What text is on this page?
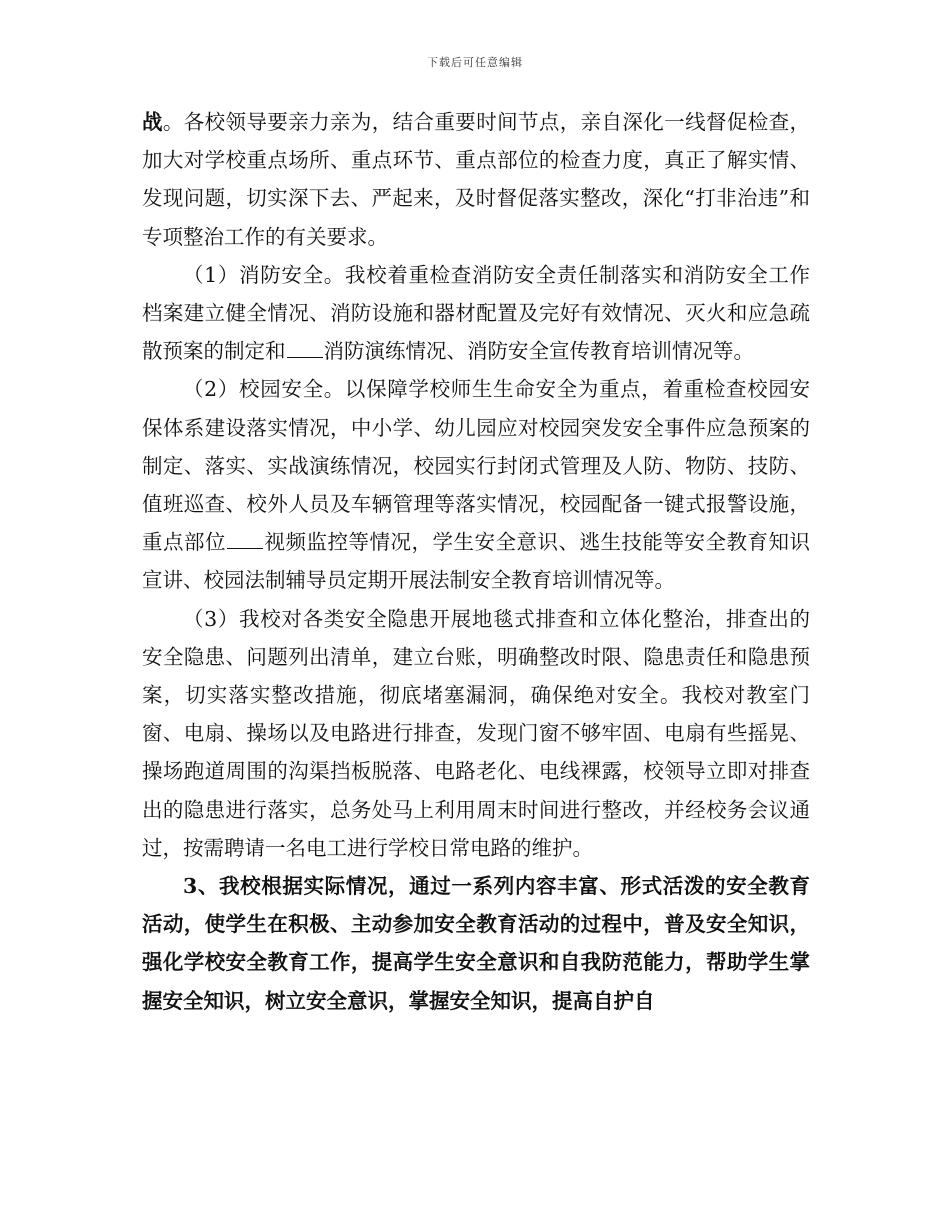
下载后可任意编辑

战。各校领导要亲力亲为，结合重要时间节点，亲自深化一线督促检查，加大对学校重点场所、重点环节、重点部位的检查力度，真正了解实情、发现问题，切实深下去、严起来，及时督促落实整改，深化“打非治违”和专项整治工作的有关要求。

（1）消防安全。我校着重检查消防安全责任制落实和消防安全工作档案建立健全情况、消防设施和器材配置及完好有效情况、灭火和应急疏散预案的制定和 消防演练情况、消防安全宣传教育培训情况等。

（2）校园安全。以保障学校师生生命安全为重点，着重检查校园安保体系建设落实情况，中小学、幼儿园应对校园突发安全事件应急预案的制定、落实、实战演练情况，校园实行封闭式管理及人防、物防、技防、值班巡查、校外人员及车辆管理等落实情况，校园配备一键式报警设施，重点部位 视频监控等情况，学生安全意识、逃生技能等安全教育知识宣讲、校园法制辅导员定期开展法制安全教育培训情况等。

（3）我校对各类安全隐患开展地毯式排查和立体化整治，排查出的安全隐患、问题列出清单，建立台账，明确整改时限、隐患责任和隐患预案，切实落实整改措施，彻底堵塞漏洞，确保绝对安全。我校对教室门窗、电扇、操场以及电路进行排查，发现门窗不够牢固、电扇有些摇晃、操场跑道周围的沟渠挡板脱落、电路老化、电线裸露，校领导立即对排查出的隐患进行落实，总务处马上利用周末时间进行整改，并经校务会议通过，按需聘请一名电工进行学校日常电路的维护。

3、我校根据实际情况，通过一系列内容丰富、形式活泼的安全教育活动，使学生在积极、主动参加安全教育活动的过程中，普及安全知识，强化学校安全教育工作，提高学生安全意识和自我防范能力，帮助学生掌握安全知识，树立安全意识，掌握安全知识，提高自护自
